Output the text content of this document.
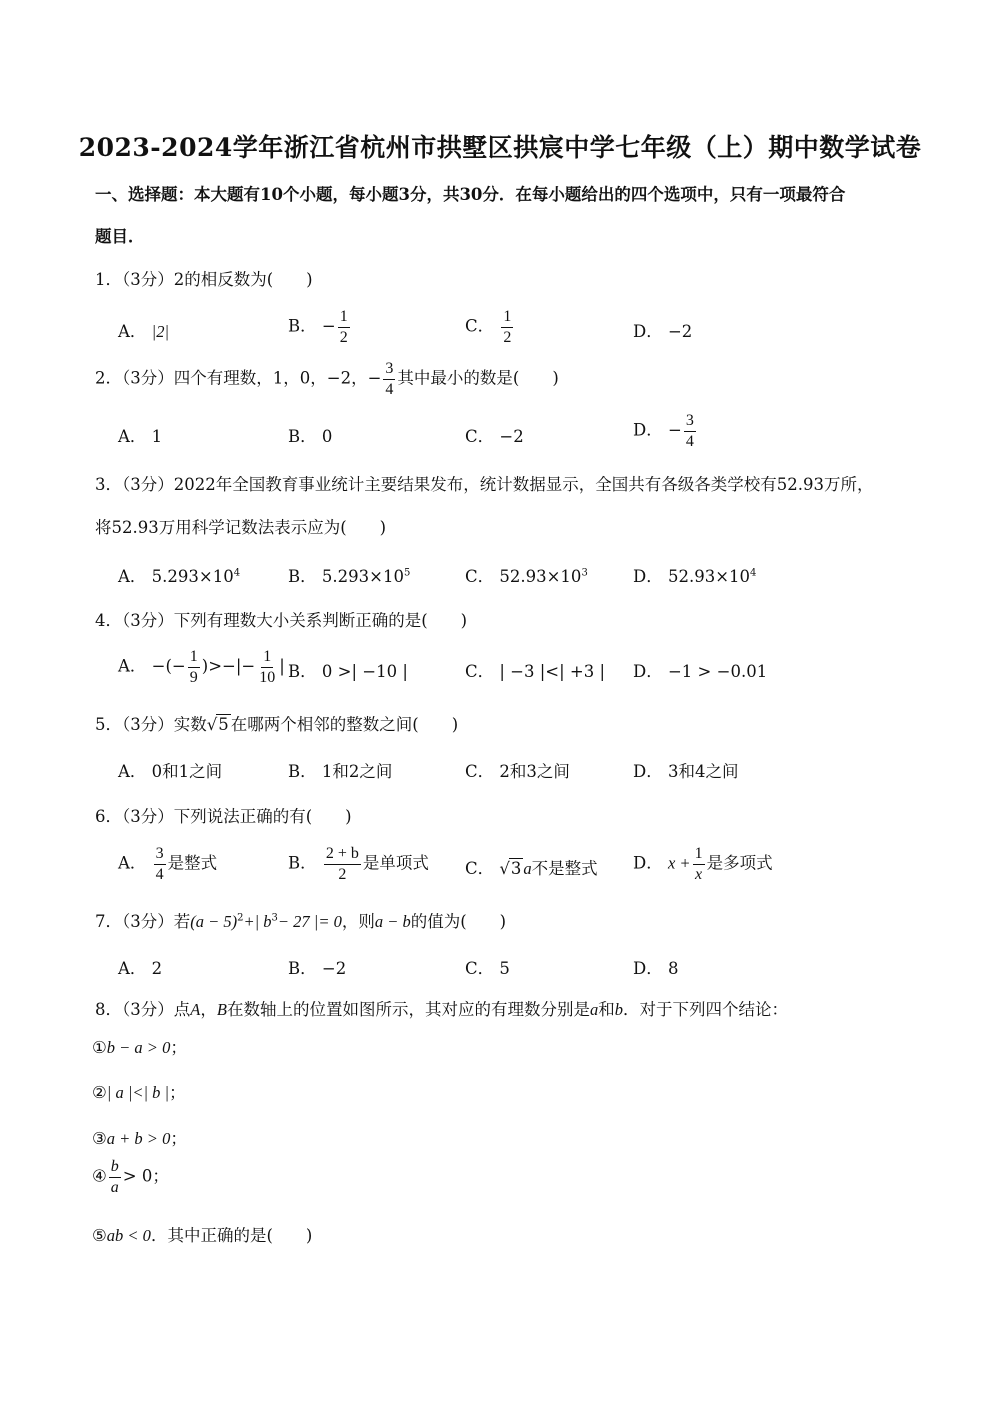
2023-2024学年浙江省杭州市拱墅区拱宸中学七年级（上）期中数学试卷
一、选择题：本大题有10个小题，每小题3分，共30分．在每小题给出的四个选项中，只有一项最符合
题目．
1．（3分）2的相反数为(　　)
A． |2|	B． − $\frac{1}{2}$	C． $\frac{1}{2}$	D． −2
2．（3分）四个有理数，1，0，−2，− $\frac{3}{4}$ 其中最小的数是(　　)
A． 1	B． 0	C． −2	D． − $\frac{3}{4}$
3．（3分）2022年全国教育事业统计主要结果发布，统计数据显示，全国共有各级各类学校有52.93万所，
将52.93万用科学记数法表示应为(　　)
A． $5.293\times 10^4$	B． $5.293\times 10^5$	C． $52.93\times 10^3$	D． $52.93\times 10^4$
4．（3分）下列有理数大小关系判断正确的是(　　)
A． −(− $\frac{1}{9}$ )>−|− $\frac{1}{10}$ | B． 0 >| −10 |	C． | −3 |<| +3 | D． −1 > −0.01
5．（3分）实数√5 在哪两个相邻的整数之间(　　)
A． 0和1之间	B． 1和2之间	C． 2和3之间	D． 3和4之间
6．（3分）下列说法正确的有(　　)
A． $\frac{3}{4}$ 是整式	B． $\frac{2 + b}{2}$ 是单项式 C． √3 a不是整式 D． $x + \frac{1}{x}$ 是多项式
7．（3分）若$(a - 5)^2+|$ $b^3- 27$ |= 0，则a − b的值为(　　)
A． 2	B． −2	C． 5	D． 8
8．（3分）点A，B在数轴上的位置如图所示，其对应的有理数分别是a和b．对于下列四个结论：
①b − a > 0；
②| a |<| b |；
③a + b > 0；
④ $\frac{b}{a} > 0$；
⑤ab < 0．其中正确的是(　　)
